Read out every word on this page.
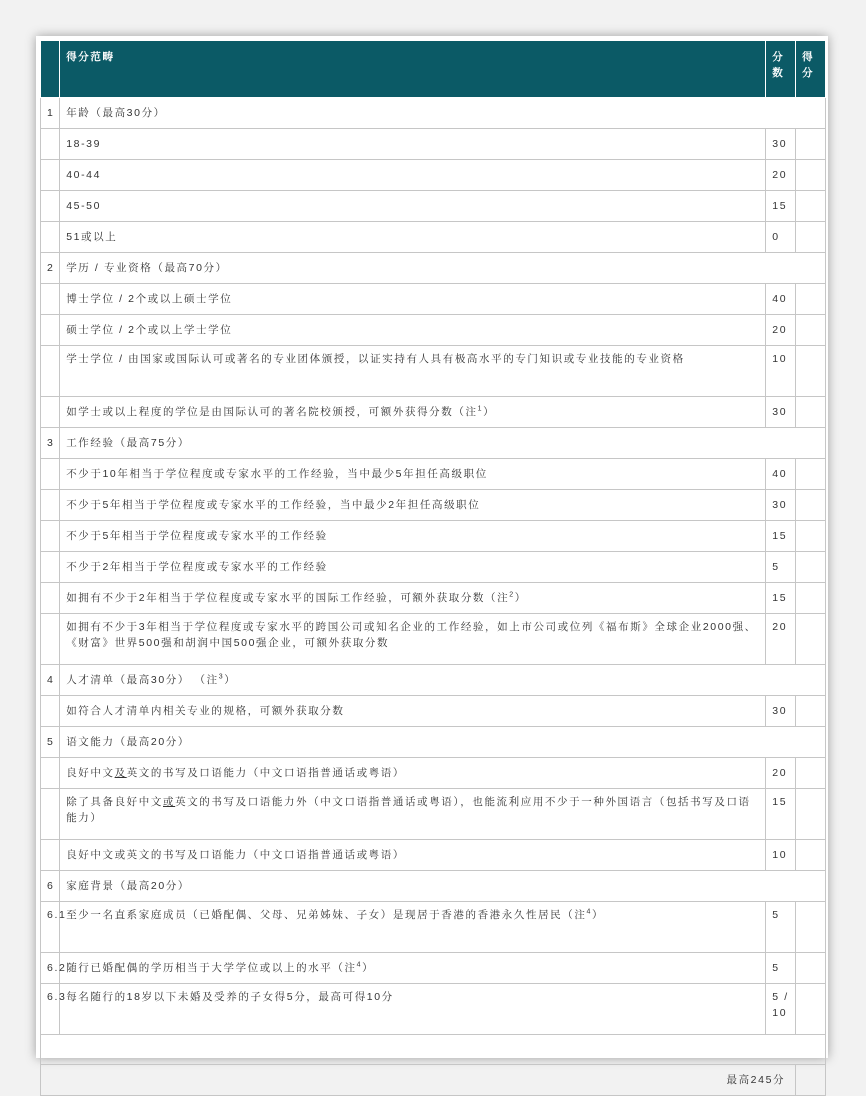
	得分范畴	分数	得分
1	年龄（最高30分）		
	18-39	30	
	40-44	20	
	45-50	15	
	51或以上	0	
2	学历 / 专业资格（最高70分）		
	博士学位 / 2个或以上硕士学位	40	
	硕士学位 / 2个或以上学士学位	20	
	学士学位 / 由国家或国际认可或著名的专业团体颁授，以证实持有人具有极高水平的专门知识或专业技能的专业资格	10	
	如学士或以上程度的学位是由国际认可的著名院校颁授，可额外获得分数（注$^1$）	30	
3	工作经验（最高75分）		
	不少于10年相当于学位程度或专家水平的工作经验，当中最少5年担任高级职位	40	
	不少于5年相当于学位程度或专家水平的工作经验，当中最少2年担任高级职位	30	
	不少于5年相当于学位程度或专家水平的工作经验	15	
	不少于2年相当于学位程度或专家水平的工作经验	5	
	如拥有不少于2年相当于学位程度或专家水平的国际工作经验，可额外获取分数（注$^2$）	15	
	如拥有不少于3年相当于学位程度或专家水平的跨国公司或知名企业的工作经验，如上市公司或位列《福布斯》全球企业2000强、《财富》世界500强和胡润中国500强企业，可额外获取分数	20	
4	人才清单（最高30分） （注$^3$）		
	如符合人才清单内相关专业的规格，可额外获取分数	30	
5	语文能力（最高20分）		
	良好中文及英文的书写及口语能力（中文口语指普通话或粤语）	20	
	除了具备良好中文或英文的书写及口语能力外（中文口语指普通话或粤语），也能流利应用不少于一种外国语言（包括书写及口语能力）	15	
	良好中文或英文的书写及口语能力（中文口语指普通话或粤语）	10	
6	家庭背景（最高20分）		
6.1	至少一名直系家庭成员（已婚配偶、父母、兄弟姊妹、子女）是现居于香港的香港永久性居民（注$^4$）	5	
6.2	随行已婚配偶的学历相当于大学学位或以上的水平（注$^4$）	5	
6.3	每名随行的18岁以下未婚及受养的子女得5分，最高可得10分	5 / 10	

最高245分			
